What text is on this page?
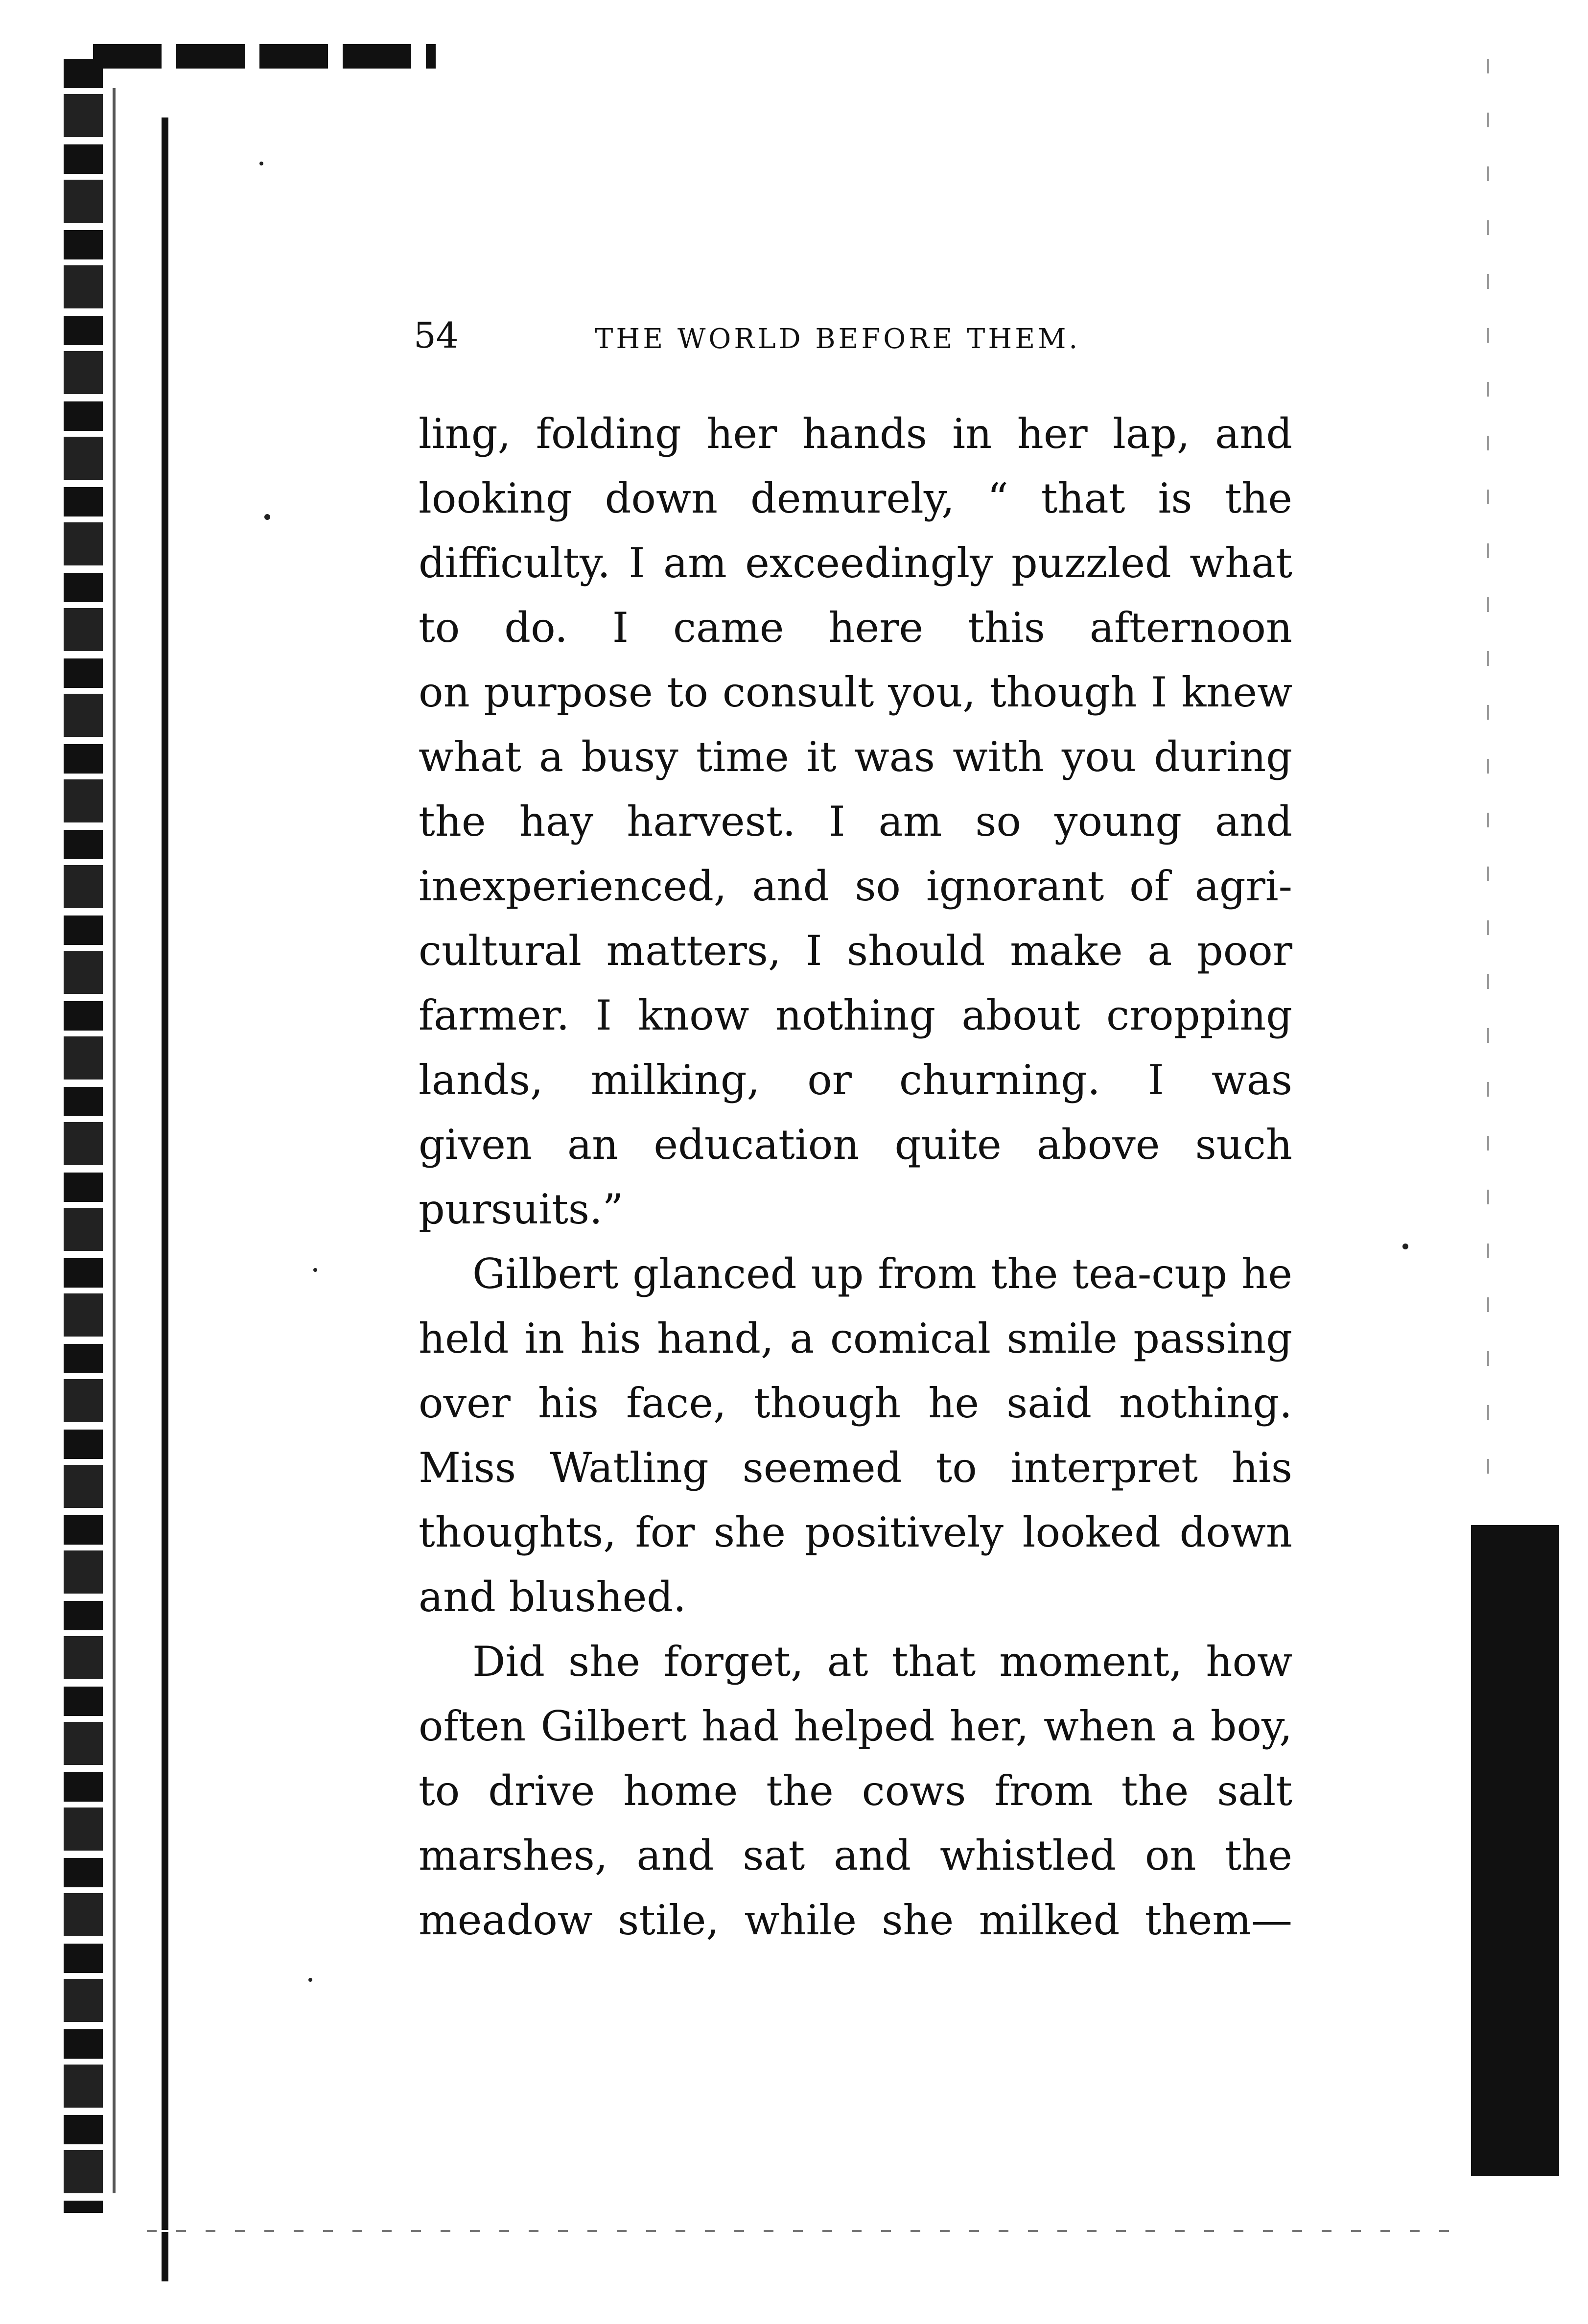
54	THE WORLD BEFORE THEM.

ling, folding her hands in her lap, and
looking down demurely, “ that is the
difficulty. I am exceedingly puzzled what
to do. I came here this afternoon
on purpose to consult you, though I knew
what a busy time it was with you during
the hay harvest. I am so young and
inexperienced, and so ignorant of agri-
cultural matters, I should make a poor
farmer. I know nothing about cropping
lands, milking, or churning. I was
given an education quite above such
pursuits.”

Gilbert glanced up from the tea-cup he
held in his hand, a comical smile passing
over his face, though he said nothing.
Miss Watling seemed to interpret his
thoughts, for she positively looked down
and blushed.

Did she forget, at that moment, how
often Gilbert had helped her, when a boy,
to drive home the cows from the salt
marshes, and sat and whistled on the
meadow stile, while she milked them—
